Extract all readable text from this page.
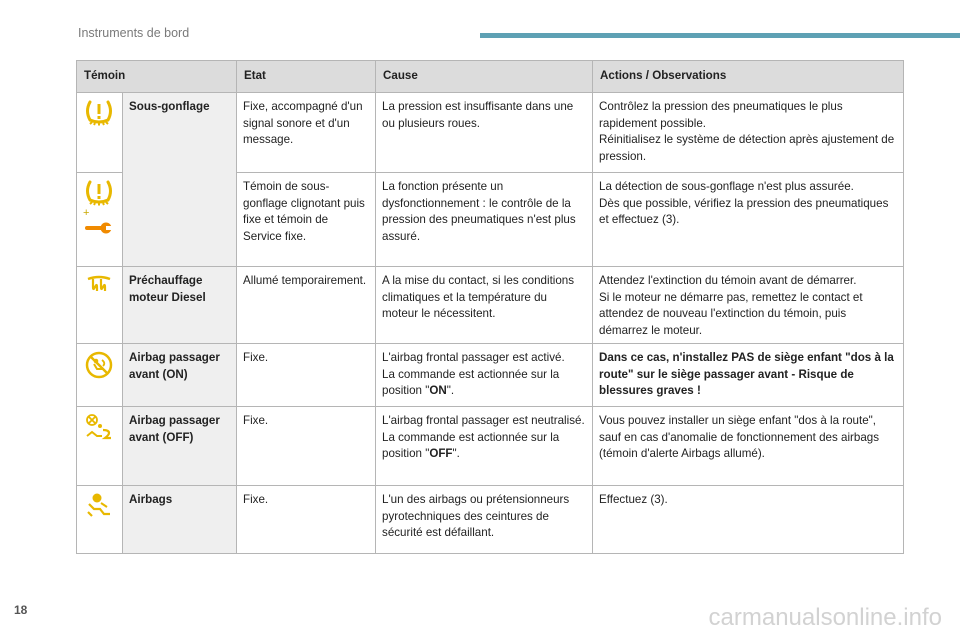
Instruments de bord
Témoin		Etat	Cause	Actions / Observations

	Sous-gonflage	Fixe, accompagné d'un signal sonore et d'un message.	La pression est insuffisante dans une ou plusieurs roues.	Contrôlez la pression des pneumatiques le plus rapidement possible.
Réinitialisez le système de détection après ajustement de pression.

+		Témoin de sous-gonflage clignotant puis fixe et témoin de Service fixe.	La fonction présente un dysfonctionnement : le contrôle de la pression des pneumatiques n'est plus assuré.	La détection de sous-gonflage n'est plus assurée.
Dès que possible, vérifiez la pression des pneumatiques et effectuez (3).

	Préchauffage moteur Diesel	Allumé temporairement.	A la mise du contact, si les conditions climatiques et la température du moteur le nécessitent.	Attendez l'extinction du témoin avant de démarrer.
Si le moteur ne démarre pas, remettez le contact et attendez de nouveau l'extinction du témoin, puis démarrez le moteur.

	Airbag passager avant (ON)	Fixe.	L'airbag frontal passager est activé.
La commande est actionnée sur la position "ON".	Dans ce cas, n'installez PAS de siège enfant "dos à la route" sur le siège passager avant - Risque de blessures graves !

	Airbag passager avant (OFF)	Fixe.	L'airbag frontal passager est neutralisé.
La commande est actionnée sur la position "OFF".	Vous pouvez installer un siège enfant "dos à la route", sauf en cas d'anomalie de fonctionnement des airbags (témoin d'alerte Airbags allumé).

	Airbags	Fixe.	L'un des airbags ou prétensionneurs pyrotechniques des ceintures de sécurité est défaillant.	Effectuez (3).
18	carmanualsonline.info
